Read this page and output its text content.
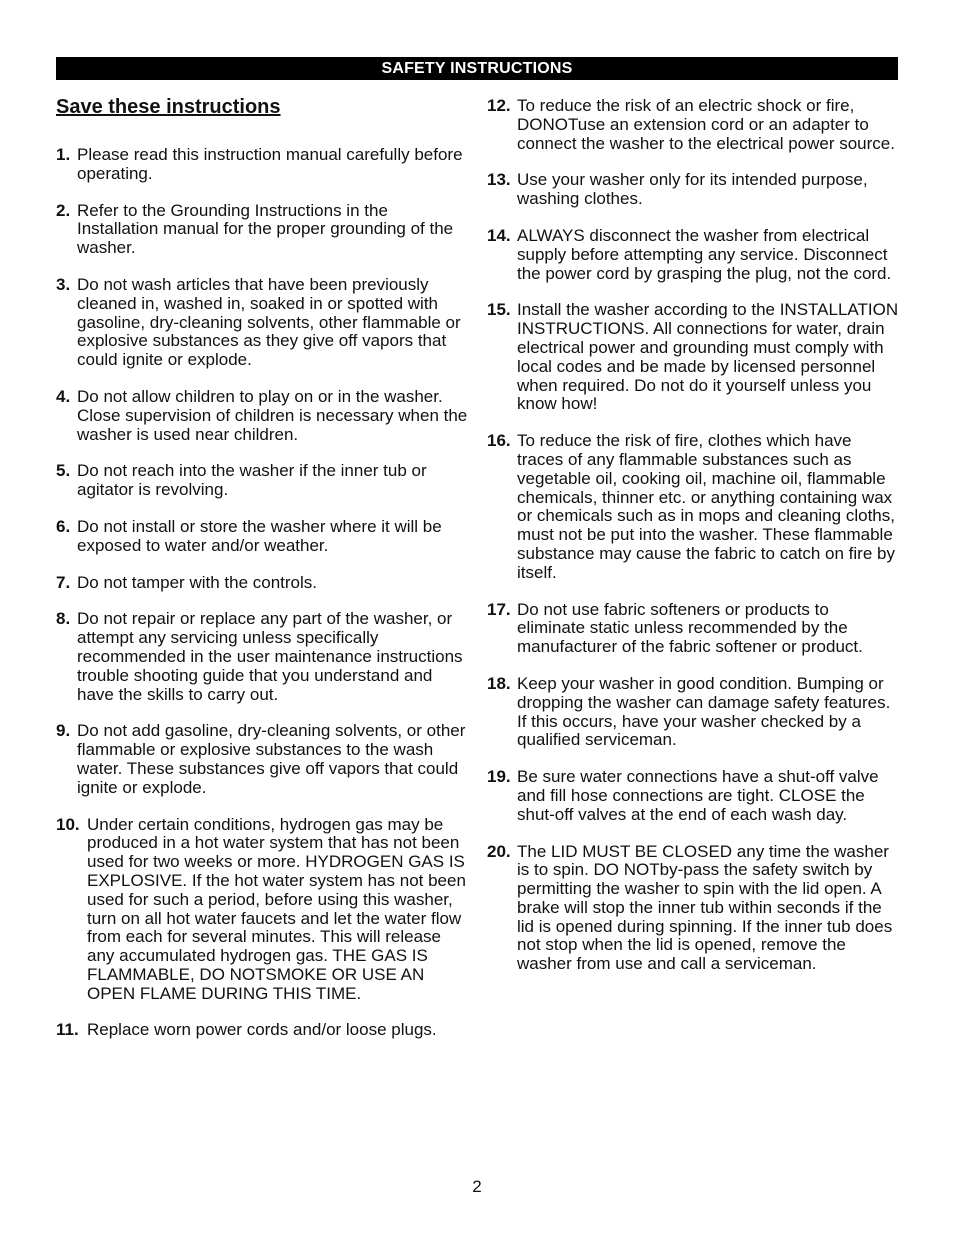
SAFETY INSTRUCTIONS
Save these instructions
1. Please read this instruction manual carefully before operating.
2. Refer to the Grounding Instructions in the Installation manual for the proper grounding of the washer.
3. Do not wash articles that have been previously cleaned in, washed in, soaked in or spotted with gasoline, dry-cleaning solvents, other flammable or explosive substances as they give off vapors that could ignite or explode.
4. Do not allow children to play on or in the washer. Close supervision of children is necessary when the washer is used near children.
5. Do not reach into the washer if the inner tub or agitator is revolving.
6. Do not install or store the washer where it will be exposed to water and/or weather.
7. Do not tamper with the controls.
8. Do not repair or replace any part of the washer, or attempt any servicing unless specifically recommended in the user maintenance instructions trouble shooting guide that you understand and have the skills to carry out.
9. Do not add gasoline, dry-cleaning solvents, or other flammable or explosive substances to the wash water. These substances give off vapors that could ignite or explode.
10. Under certain conditions, hydrogen gas may be produced in a hot water system that has not been used for two weeks or more. HYDROGEN GAS IS EXPLOSIVE. If the hot water system has not been used for such a period, before using this washer, turn on all hot water faucets and let the water flow from each for several minutes. This will release any accumulated hydrogen gas. THE GAS IS FLAMMABLE, DO NOTSMOKE OR USE AN OPEN FLAME DURING THIS TIME.
11. Replace worn power cords and/or loose plugs.
12. To reduce the risk of an electric shock or fire, DONOTuse an extension cord or an adapter to connect the washer to the electrical power source.
13. Use your washer only for its intended purpose, washing clothes.
14. ALWAYS disconnect the washer from electrical supply before attempting any service. Disconnect the power cord by grasping the plug, not the cord.
15. Install the washer according to the INSTALLATION INSTRUCTIONS. All connections for water, drain electrical power and grounding must comply with local codes and be made by licensed personnel when required. Do not do it yourself unless you know how!
16. To reduce the risk of fire, clothes which have traces of any flammable substances such as vegetable oil, cooking oil, machine oil, flammable chemicals, thinner etc. or anything containing wax or chemicals such as in mops and cleaning cloths, must not be put into the washer. These flammable substance may cause the fabric to catch on fire by itself.
17. Do not use fabric softeners or products to eliminate static unless recommended by the manufacturer of the fabric softener or product.
18. Keep your washer in good condition. Bumping or dropping the washer can damage safety features. If this occurs, have your washer checked by a qualified serviceman.
19. Be sure water connections have a shut-off valve and fill hose connections are tight. CLOSE the shut-off valves at the end of each wash day.
20. The LID MUST BE CLOSED any time the washer is to spin. DO NOTby-pass the safety switch by permitting the washer to spin with the lid open. A brake will stop the inner tub within seconds if the lid is opened during spinning. If the inner tub does not stop when the lid is opened, remove the washer from use and call a serviceman.
2
